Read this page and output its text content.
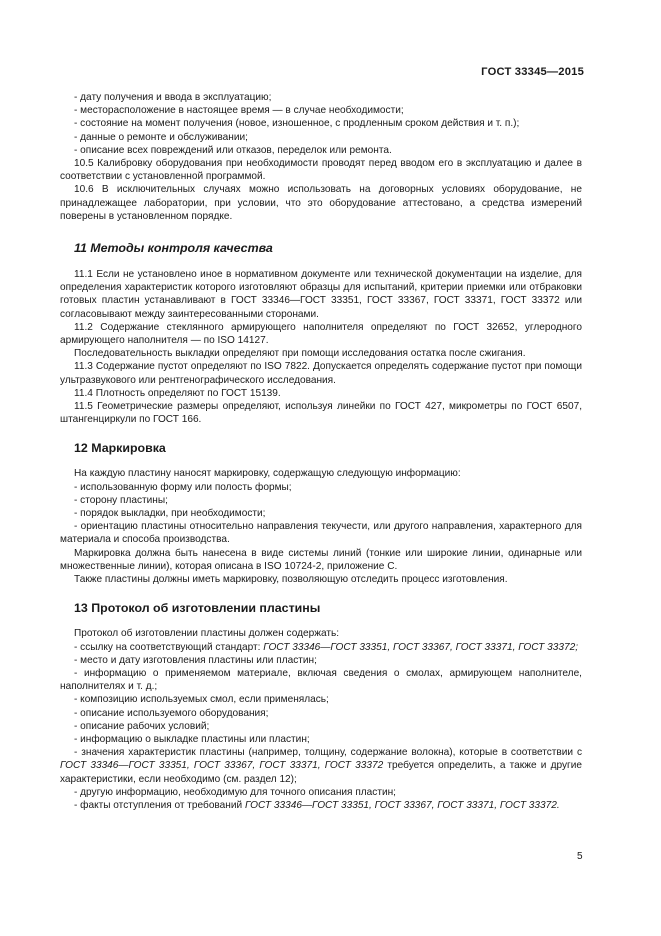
ГОСТ 33345—2015

- дату получения и ввода в эксплуатацию;

- месторасположение в настоящее время — в случае необходимости;

- состояние на момент получения (новое, изношенное, с продленным сроком действия и т. п.);

- данные о ремонте и обслуживании;

- описание всех повреждений или отказов, переделок или ремонта.

10.5 Калибровку оборудования при необходимости проводят перед вводом его в эксплуатацию и далее в соответствии с установленной программой.

10.6 В исключительных случаях можно использовать на договорных условиях оборудование, не принадлежащее лаборатории, при условии, что это оборудование аттестовано, а средства измерений поверены в установленном порядке.

11 Методы контроля качества

11.1 Если не установлено иное в нормативном документе или технической документации на изделие, для определения характеристик которого изготовляют образцы для испытаний, критерии приемки или отбраковки готовых пластин устанавливают в ГОСТ 33346—ГОСТ 33351, ГОСТ 33367, ГОСТ 33371, ГОСТ 33372 или согласовывают между заинтересованными сторонами.

11.2 Содержание стеклянного армирующего наполнителя определяют по ГОСТ 32652, углеродного армирующего наполнителя — по ISO 14127.

Последовательность выкладки определяют при помощи исследования остатка после сжигания.

11.3 Содержание пустот определяют по ISO 7822. Допускается определять содержание пустот при помощи ультразвукового или рентгенографического исследования.

11.4 Плотность определяют по ГОСТ 15139.

11.5 Геометрические размеры определяют, используя линейки по ГОСТ 427, микрометры по ГОСТ 6507, штангенциркули по ГОСТ 166.

12 Маркировка

На каждую пластину наносят маркировку, содержащую следующую информацию:

- использованную форму или полость формы;

- сторону пластины;

- порядок выкладки, при необходимости;

- ориентацию пластины относительно направления текучести, или другого направления, характерного для материала и способа производства.

Маркировка должна быть нанесена в виде системы линий (тонкие или широкие линии, одинарные или множественные линии), которая описана в ISO 10724-2, приложение С.

Также пластины должны иметь маркировку, позволяющую отследить процесс изготовления.

13 Протокол об изготовлении пластины

Протокол об изготовлении пластины должен содержать:

- ссылку на соответствующий стандарт: ГОСТ 33346—ГОСТ 33351, ГОСТ 33367, ГОСТ 33371, ГОСТ 33372;

- место и дату изготовления пластины или пластин;

- информацию о применяемом материале, включая сведения о смолах, армирующем наполнителе, наполнителях и т. д.;

- композицию используемых смол, если применялась;

- описание используемого оборудования;

- описание рабочих условий;

- информацию о выкладке пластины или пластин;

- значения характеристик пластины (например, толщину, содержание волокна), которые в соответствии с ГОСТ 33346—ГОСТ 33351, ГОСТ 33367, ГОСТ 33371, ГОСТ 33372 требуется определить, а также и другие характеристики, если необходимо (см. раздел 12);

- другую информацию, необходимую для точного описания пластин;

- факты отступления от требований ГОСТ 33346—ГОСТ 33351, ГОСТ 33367, ГОСТ 33371, ГОСТ 33372.

5
